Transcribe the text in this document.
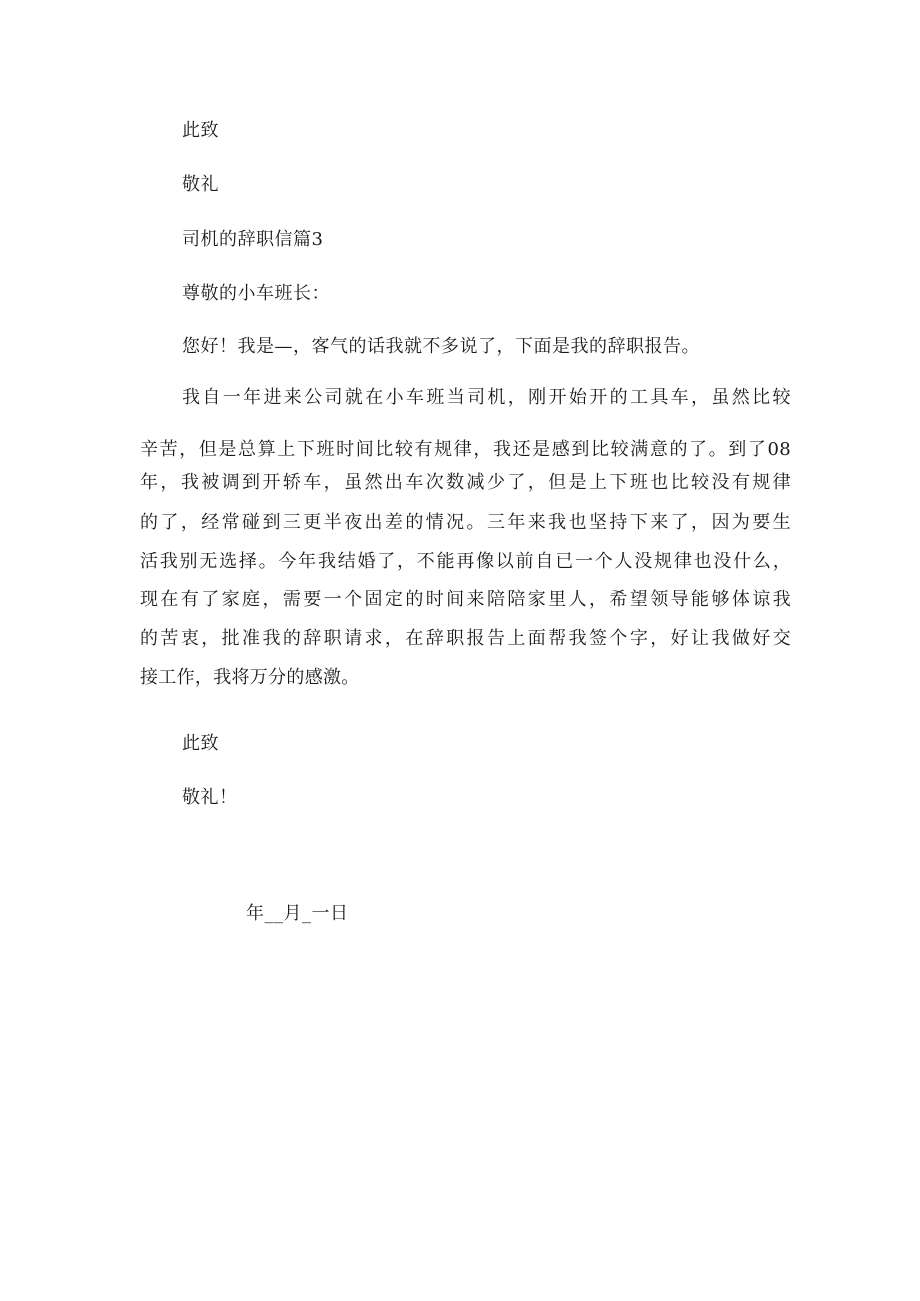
此致
敬礼
司机的辞职信篇3
尊敬的小车班长：
您好！我是—，客气的话我就不多说了，下面是我的辞职报告。
我自一年进来公司就在小车班当司机，刚开始开的工具车，虽然比较
辛苦，但是总算上下班时间比较有规律，我还是感到比较满意的了。到了08
年，我被调到开轿车，虽然出车次数减少了，但是上下班也比较没有规律
的了，经常碰到三更半夜出差的情况。三年来我也坚持下来了，因为要生
活我别无选择。今年我结婚了，不能再像以前自已一个人没规律也没什么，
现在有了家庭，需要一个固定的时间来陪陪家里人，希望领导能够体谅我
的苦衷，批准我的辞职请求，在辞职报告上面帮我签个字，好让我做好交
接工作，我将万分的感激。
此致
敬礼！
年__月_一日
